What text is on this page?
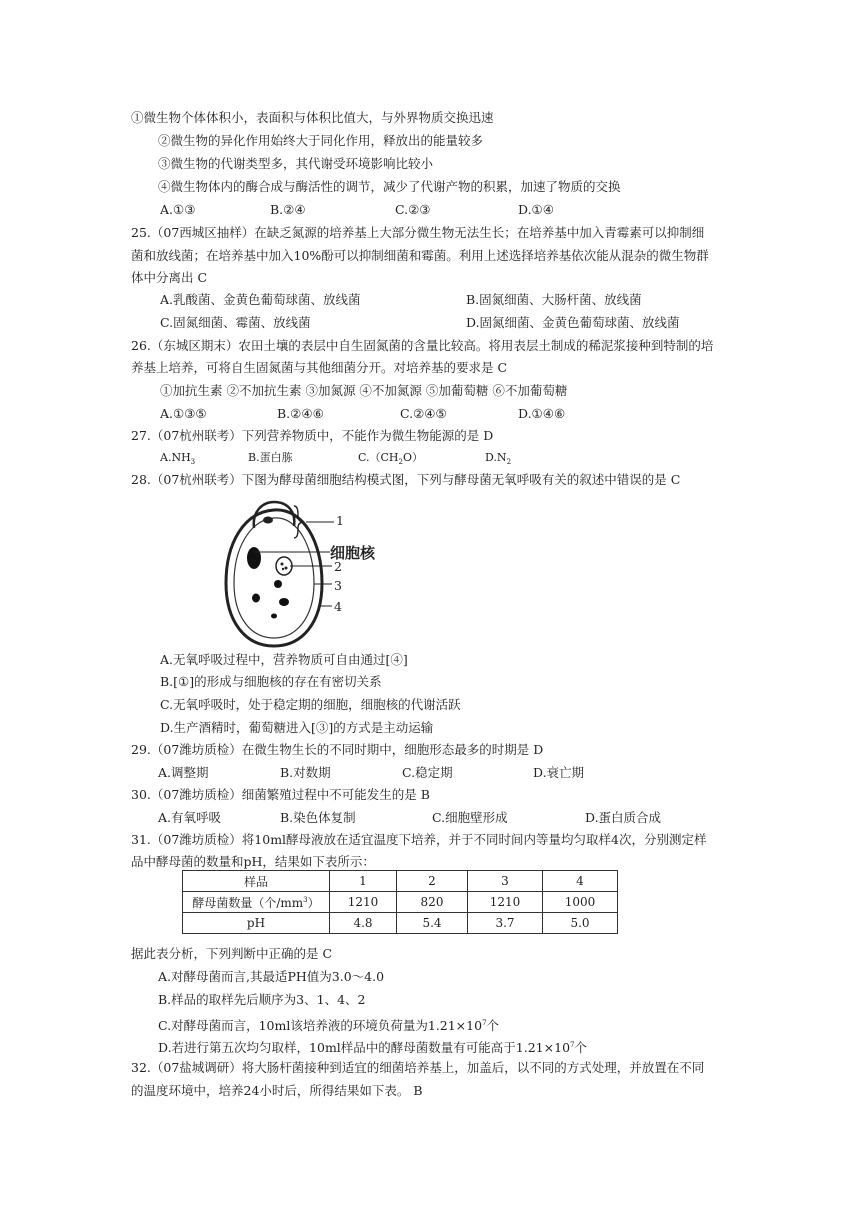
①微生物个体体积小，表面积与体积比值大，与外界物质交换迅速
②微生物的异化作用始终大于同化作用，释放出的能量较多
③微生物的代谢类型多，其代谢受环境影响比较小
④微生物体内的酶合成与酶活性的调节，减少了代谢产物的积累，加速了物质的交换
A.①③	B.②④	C.②③	D.①④
25.（07西城区抽样）在缺乏氮源的培养基上大部分微生物无法生长；在培养基中加入青霉素可以抑制细
菌和放线菌；在培养基中加入10%酚可以抑制细菌和霉菌。利用上述选择培养基依次能从混杂的微生物群
体中分离出 C
A.乳酸菌、金黄色葡萄球菌、放线菌	B.固氮细菌、大肠杆菌、放线菌
C.固氮细菌、霉菌、放线菌	D.固氮细菌、金黄色葡萄球菌、放线菌
26.（东城区期末）农田土壤的表层中自生固氮菌的含量比较高。将用表层土制成的稀泥浆接种到特制的培
养基上培养，可将自生固氮菌与其他细菌分开。对培养基的要求是 C
①加抗生素 ②不加抗生素 ③加氮源 ④不加氮源 ⑤加葡萄糖 ⑥不加葡萄糖
A.①③⑤	B.②④⑥	C.②④⑤	D.①④⑥
27.（07杭州联考）下列营养物质中，不能作为微生物能源的是 D
$A.NH_3$	B.蛋白胨	$C.(CH_2O)$	$D.N_2$
28.（07杭州联考）下图为酵母菌细胞结构模式图，下列与酵母菌无氧呼吸有关的叙述中错误的是 C
1
细胞核
2
3
4
A.无氧呼吸过程中，营养物质可自由通过[④]
B.[①]的形成与细胞核的存在有密切关系
C.无氧呼吸时，处于稳定期的细胞，细胞核的代谢活跃
D.生产酒精时，葡萄糖进入[③]的方式是主动运输
29.（07潍坊质检）在微生物生长的不同时期中，细胞形态最多的时期是 D
A.调整期	B.对数期	C.稳定期	D.衰亡期
30.（07潍坊质检）细菌繁殖过程中不可能发生的是 B
A.有氧呼吸	B.染色体复制	C.细胞壁形成	D.蛋白质合成
31.（07潍坊质检）将10ml酵母液放在适宜温度下培养，并于不同时间内等量均匀取样4次，分别测定样
品中酵母菌的数量和pH，结果如下表所示：
样品	1	2	3	4
酵母菌数量（个$/mm^3$）	1210	820	1210	1000
pH	4.8	5.4	3.7	5.0
据此表分析，下列判断中正确的是 C
A.对酵母菌而言,其最适PH值为3.0～4.0
B.样品的取样先后顺序为3、1、4、2
C.对酵母菌而言，10ml该培养液的环境负荷量为$1.21\times 10^7$个
D.若进行第五次均匀取样，10ml样品中的酵母菌数量有可能高于$1.21\times 10^7$个
32.（07盐城调研）将大肠杆菌接种到适宜的细菌培养基上，加盖后，以不同的方式处理，并放置在不同
的温度环境中，培养24小时后，所得结果如下表。 B
